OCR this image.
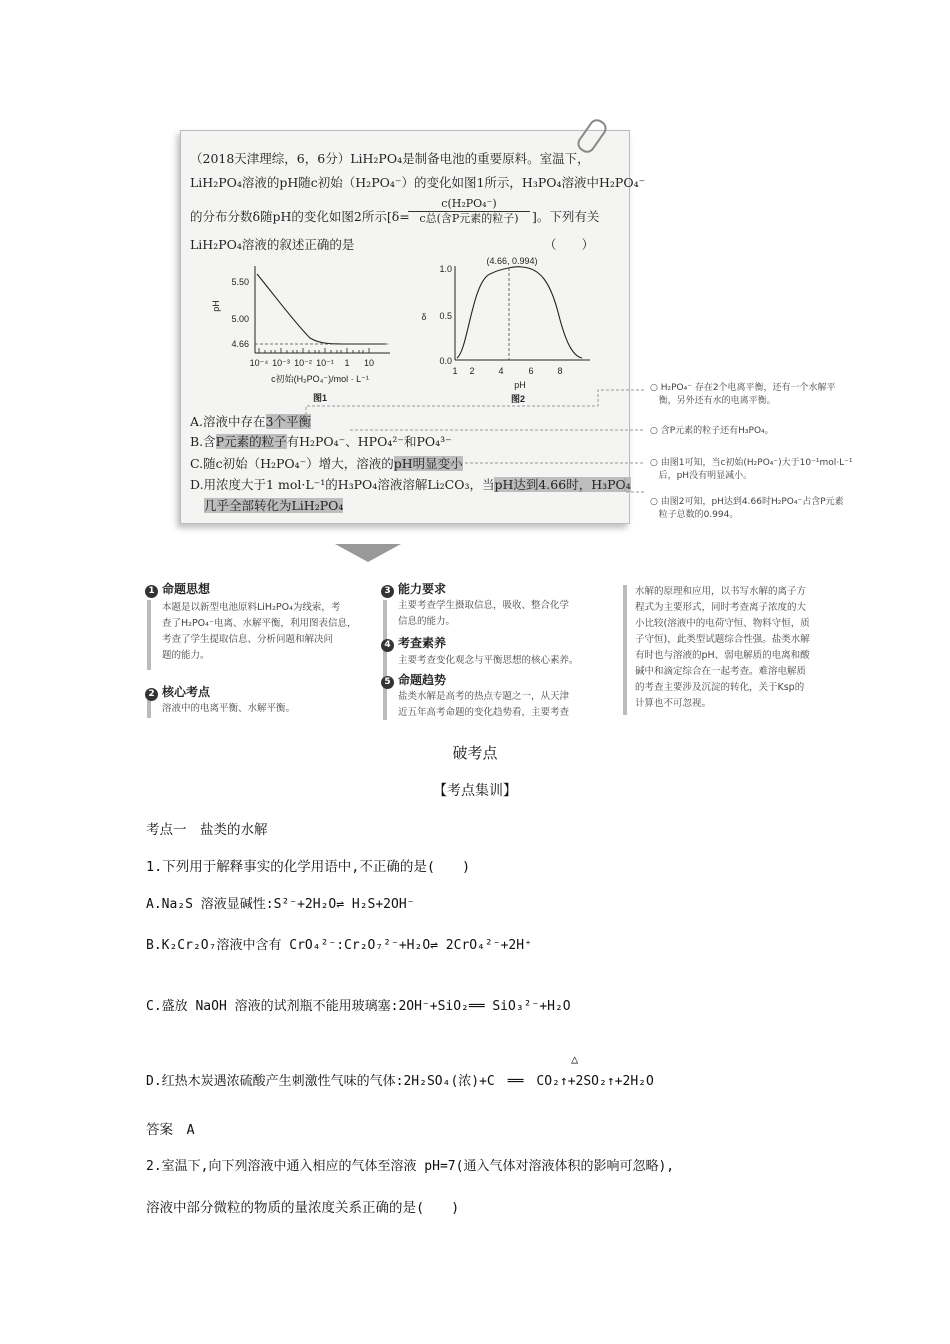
（2018天津理综，6，6分）LiH₂PO₄是制备电池的重要原料。室温下，
LiH₂PO₄溶液的pH随c初始（H₂PO₄⁻）的变化如图1所示，H₃PO₄溶液中H₂PO₄⁻
的分布分数δ随pH的变化如图2所示[δ=
c(H₂PO₄⁻)
c总(含P元素的粒子)	]。下列有关
LiH₂PO₄溶液的叙述正确的是	（　　）
pH
5.50
5.00
4.66
10⁻⁴ 10⁻³ 10⁻² 10⁻¹ 1 10
c初始(H₂PO₄⁻)/mol · L⁻¹
图1
δ
1.0
0.5
0.0
(4.66, 0.994)
1 2	4	6	8
pH
图2
A.溶液中存在3个平衡
B.含P元素的粒子有H₂PO₄⁻、HPO₄²⁻和PO₄³⁻
C.随c初始（H₂PO₄⁻）增大，溶液的pH明显变小
D.用浓度大于1 mol·L⁻¹的H₃PO₄溶液溶解Li₂CO₃，当pH达到4.66时，H₃PO₄
几乎全部转化为LiH₂PO₄
○ H₂PO₄⁻ 存在2个电离平衡，还有一个水解平
衡，另外还有水的电离平衡。
○ 含P元素的粒子还有H₃PO₄。
○ 由图1可知，当c初始(H₂PO₄⁻)大于10⁻¹mol·L⁻¹
后，pH没有明显减小。
○ 由图2可知，pH达到4.66时H₂PO₄⁻占含P元素
粒子总数的0.994。
1 命题思想
本题是以新型电池原料LiH₂PO₄为线索，考
查了H₂PO₄⁻电离、水解平衡，利用图表信息，
考查了学生提取信息、分析问题和解决问
题的能力。
2 核心考点
溶液中的电离平衡、水解平衡。
3 能力要求
主要考查学生摄取信息，吸收、整合化学
信息的能力。
4 考查素养
主要考查变化观念与平衡思想的核心素养。
5 命题趋势
盐类水解是高考的热点专题之一，从天津
近五年高考命题的变化趋势看，主要考查
水解的原理和应用，以书写水解的离子方
程式为主要形式，同时考查离子浓度的大
小比较(溶液中的电荷守恒、物料守恒，质
子守恒)，此类型试题综合性强。盐类水解
有时也与溶液的pH、弱电解质的电离和酸
碱中和滴定综合在一起考查。难溶电解质
的考查主要涉及沉淀的转化，关于Ksp的
计算也不可忽视。
破考点
【考点集训】
考点一　盐类的水解
1.下列用于解释事实的化学用语中,不正确的是(　　)
A.Na₂S 溶液显碱性:S²⁻+2H₂O⇌ H₂S+2OH⁻
B.K₂Cr₂O₇溶液中含有 CrO₄²⁻:Cr₂O₇²⁻+H₂O⇌ 2CrO₄²⁻+2H⁺
C.盛放 NaOH 溶液的试剂瓶不能用玻璃塞:2OH⁻+SiO₂══ SiO₃²⁻+H₂O
△
D.红热木炭遇浓硫酸产生刺激性气味的气体:2H₂SO₄(浓)+C　══　CO₂↑+2SO₂↑+2H₂O
答案　A
2.室温下,向下列溶液中通入相应的气体至溶液 pH=7(通入气体对溶液体积的影响可忽略),
溶液中部分微粒的物质的量浓度关系正确的是(　　)
